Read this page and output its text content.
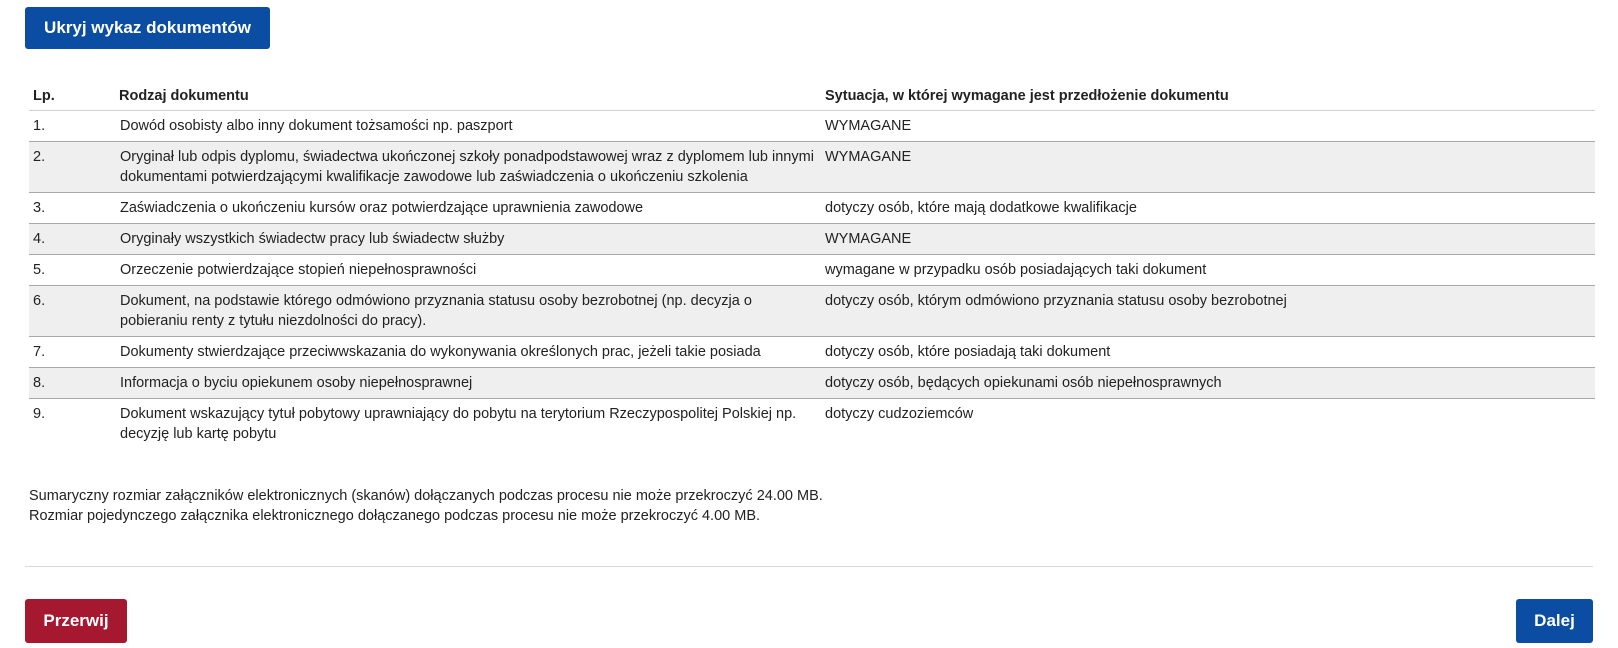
Ukryj wykaz dokumentów
Lp.	Rodzaj dokumentu	Sytuacja, w której wymagane jest przedłożenie dokumentu
1.	Dowód osobisty albo inny dokument tożsamości np. paszport	WYMAGANE
2.	Oryginał lub odpis dyplomu, świadectwa ukończonej szkoły ponadpodstawowej wraz z dyplomem lub innymi dokumentami potwierdzającymi kwalifikacje zawodowe lub zaświadczenia o ukończeniu szkolenia	WYMAGANE
3.	Zaświadczenia o ukończeniu kursów oraz potwierdzające uprawnienia zawodowe	dotyczy osób, które mają dodatkowe kwalifikacje
4.	Oryginały wszystkich świadectw pracy lub świadectw służby	WYMAGANE
5.	Orzeczenie potwierdzające stopień niepełnosprawności	wymagane w przypadku osób posiadających taki dokument
6.	Dokument, na podstawie którego odmówiono przyznania statusu osoby bezrobotnej (np. decyzja o pobieraniu renty z tytułu niezdolności do pracy).	dotyczy osób, którym odmówiono przyznania statusu osoby bezrobotnej
7.	Dokumenty stwierdzające przeciwwskazania do wykonywania określonych prac, jeżeli takie posiada	dotyczy osób, które posiadają taki dokument
8.	Informacja o byciu opiekunem osoby niepełnosprawnej	dotyczy osób, będących opiekunami osób niepełnosprawnych
9.	Dokument wskazujący tytuł pobytowy uprawniający do pobytu na terytorium Rzeczypospolitej Polskiej np. decyzję lub kartę pobytu	dotyczy cudzoziemców
Sumaryczny rozmiar załączników elektronicznych (skanów) dołączanych podczas procesu nie może przekroczyć 24.00 MB.
Rozmiar pojedynczego załącznika elektronicznego dołączanego podczas procesu nie może przekroczyć 4.00 MB.
Przerwij	Dalej
